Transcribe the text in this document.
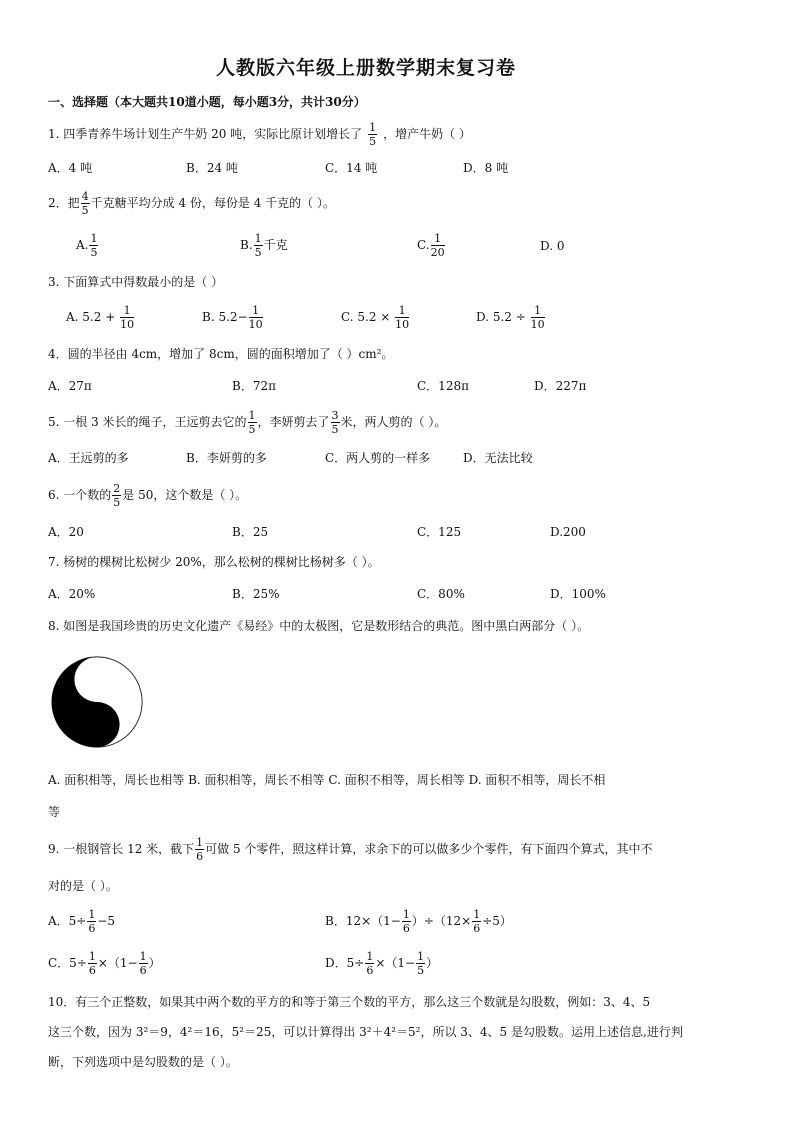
人教版六年级上册数学期末复习卷
一、选择题（本大题共10道小题，每小题3分，共计30分）
1. 四季青养牛场计划生产牛奶 20 吨，实际比原计划增长了 $\frac{1}{5}$ ，增产牛奶（ ）
A．4 吨	B．24 吨	C．14 吨	D．8 吨
2．把 $\frac{4}{5}$ 千克糖平均分成 4 份，每份是 4 千克的（ ）。
A. $\frac{1}{5}$	B. $\frac{1}{5}$ 千克	C. $\frac{1}{20}$	D. 0
3. 下面算式中得数最小的是（ ）
A. $5.2 + \frac{1}{10}$	B. $5.2- \frac{1}{10}$	C. $5.2 \times \frac{1}{10}$	D. $5.2 \div \frac{1}{10}$
4．圆的半径由 4cm，增加了 8cm，圆的面积增加了（ ）cm²。
A．27π	B．72π	C．128π	D．227π
5. 一根 3 米长的绳子，王远剪去它的 $\frac{1}{5}$ ，李妍剪去了 $\frac{3}{5}$ 米，两人剪的（ ）。
A．王远剪的多	B．李妍剪的多	C．两人剪的一样多	D．无法比较
6. 一个数的 $\frac{2}{5}$ 是 50，这个数是（ ）。
A．20	B．25	C．125	D.200
7. 杨树的棵树比松树少 20%，那么松树的棵树比杨树多（ ）。
A．20%	B．25%	C．80%	D．100%
8. 如图是我国珍贵的历史文化遗产《易经》中的太极图，它是数形结合的典范。图中黑白两部分（ ）。
A. 面积相等，周长也相等 B. 面积相等，周长不相等 C. 面积不相等，周长相等 D. 面积不相等，周长不相
等
9. 一根钢管长 12 米，截下 $\frac{1}{6}$ 可做 5 个零件，照这样计算，求余下的可以做多少个零件，有下面四个算式，其中不
对的是（ ）。
A．$5\div \frac{1}{6} -5$	B．$12\times(1- \frac{1}{6} )\div(12\times \frac{1}{6} \div 5)$
C．$5\div \frac{1}{6} \times(1- \frac{1}{6}$ ）	D．$5\div \frac{1}{6} \times(1- \frac{1}{5}$ ）
10．有三个正整数，如果其中两个数的平方的和等于第三个数的平方，那么这三个数就是勾股数，例如：3、4、5
这三个数，因为 3²＝9，4²＝16，5²＝25，可以计算得出 3²＋4²＝5²，所以 3、4、5 是勾股数。运用上述信息,进行判
断，下列选项中是勾股数的是（ ）。
